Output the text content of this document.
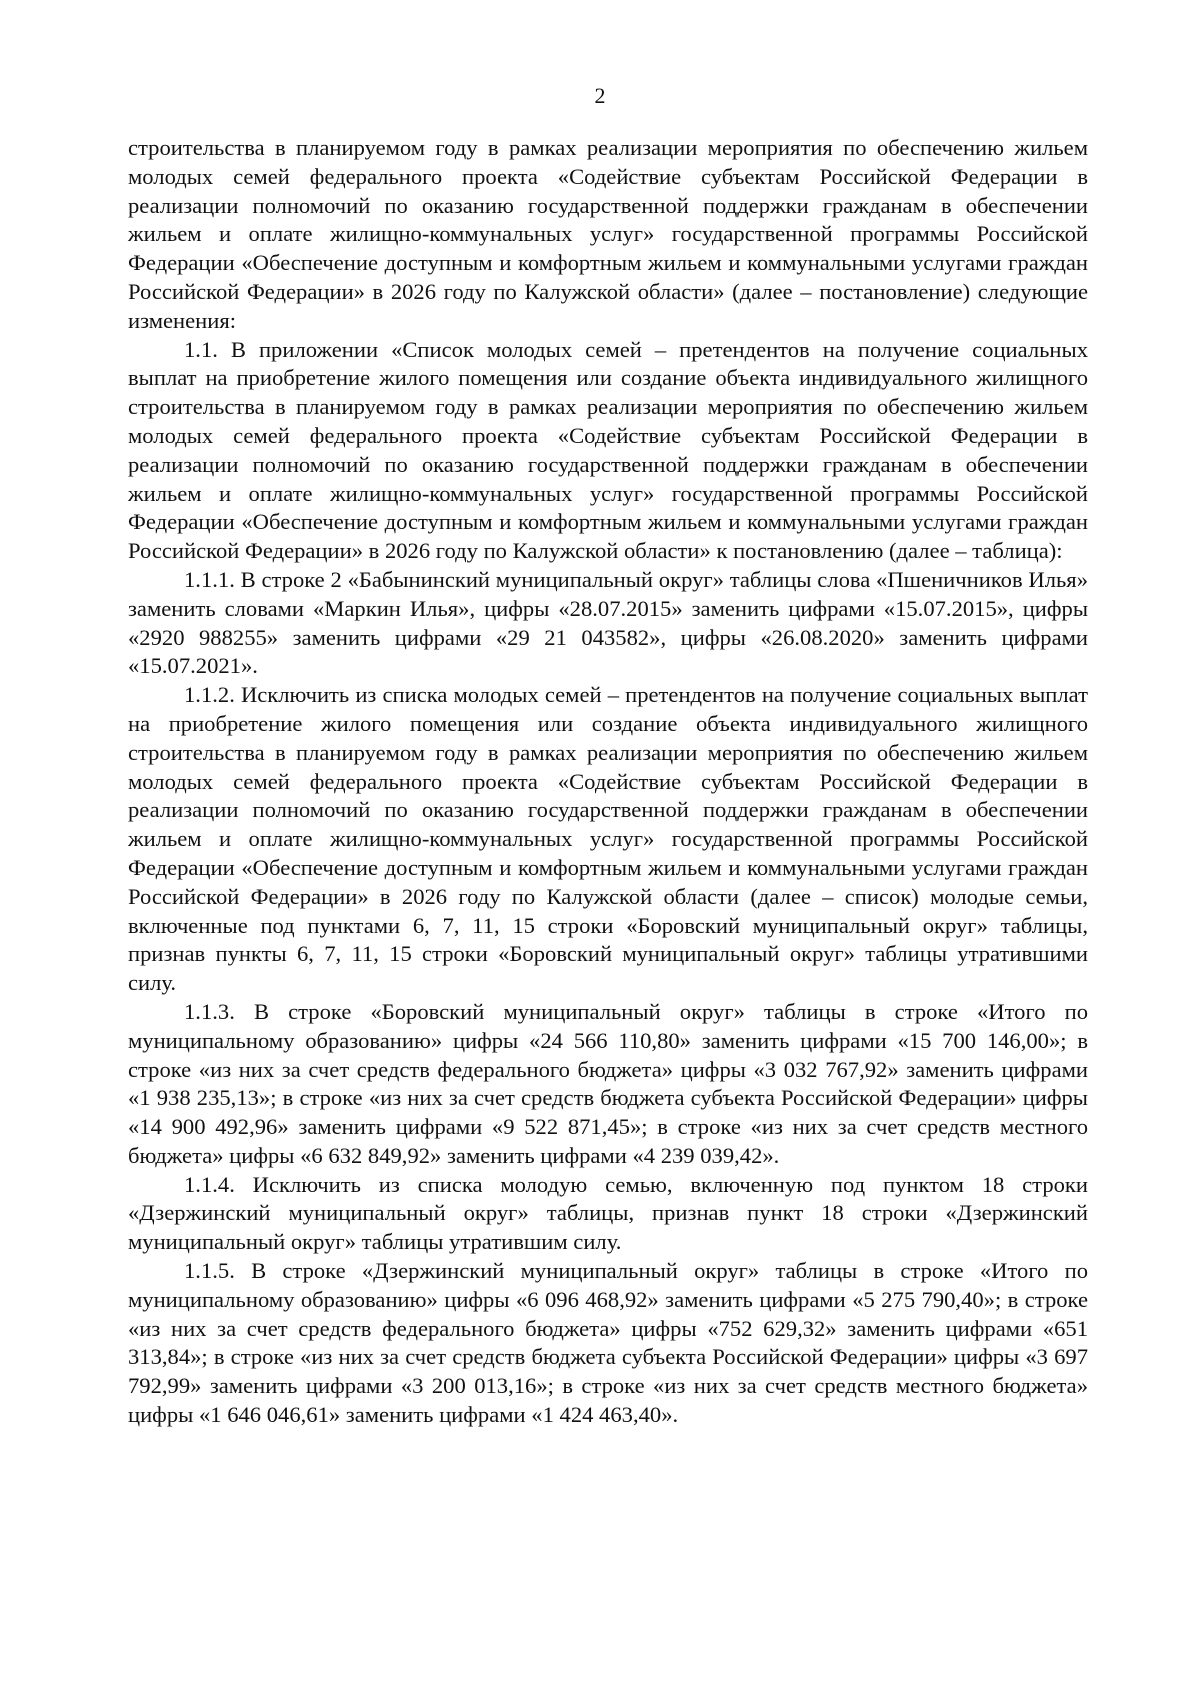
2

строительства в планируемом году в рамках реализации мероприятия по обеспечению жильем молодых семей федерального проекта «Содействие субъектам Российской Федерации в реализации полномочий по оказанию государственной поддержки гражданам в обеспечении жильем и оплате жилищно-коммунальных услуг» государственной программы Российской Федерации «Обеспечение доступным и комфортным жильем и коммунальными услугами граждан Российской Федерации» в 2026 году по Калужской области» (далее – постановление) следующие изменения:

1.1. В приложении «Список молодых семей – претендентов на получение социальных выплат на приобретение жилого помещения или создание объекта индивидуального жилищного строительства в планируемом году в рамках реализации мероприятия по обеспечению жильем молодых семей федерального проекта «Содействие субъектам Российской Федерации в реализации полномочий по оказанию государственной поддержки гражданам в обеспечении жильем и оплате жилищно-коммунальных услуг» государственной программы Российской Федерации «Обеспечение доступным и комфортным жильем и коммунальными услугами граждан Российской Федерации» в 2026 году по Калужской области» к постановлению (далее – таблица):

1.1.1. В строке 2 «Бабынинский муниципальный округ» таблицы слова «Пшеничников Илья» заменить словами «Маркин Илья», цифры «28.07.2015» заменить цифрами «15.07.2015», цифры «2920 988255» заменить цифрами «29 21 043582», цифры «26.08.2020» заменить цифрами «15.07.2021».

1.1.2. Исключить из списка молодых семей – претендентов на получение социальных выплат на приобретение жилого помещения или создание объекта индивидуального жилищного строительства в планируемом году в рамках реализации мероприятия по обеспечению жильем молодых семей федерального проекта «Содействие субъектам Российской Федерации в реализации полномочий по оказанию государственной поддержки гражданам в обеспечении жильем и оплате жилищно-коммунальных услуг» государственной программы Российской Федерации «Обеспечение доступным и комфортным жильем и коммунальными услугами граждан Российской Федерации» в 2026 году по Калужской области (далее – список) молодые семьи, включенные под пунктами 6, 7, 11, 15 строки «Боровский муниципальный округ» таблицы, признав пункты 6, 7, 11, 15 строки «Боровский муниципальный округ» таблицы утратившими силу.

1.1.3. В строке «Боровский муниципальный округ» таблицы в строке «Итого по муниципальному образованию» цифры «24 566 110,80» заменить цифрами «15 700 146,00»; в строке «из них за счет средств федерального бюджета» цифры «3 032 767,92» заменить цифрами «1 938 235,13»; в строке «из них за счет средств бюджета субъекта Российской Федерации» цифры «14 900 492,96» заменить цифрами «9 522 871,45»; в строке «из них за счет средств местного бюджета» цифры «6 632 849,92» заменить цифрами «4 239 039,42».

1.1.4. Исключить из списка молодую семью, включенную под пунктом 18 строки «Дзержинский муниципальный округ» таблицы, признав пункт 18 строки «Дзержинский муниципальный округ» таблицы утратившим силу.

1.1.5. В строке «Дзержинский муниципальный округ» таблицы в строке «Итого по муниципальному образованию» цифры «6 096 468,92» заменить цифрами «5 275 790,40»; в строке «из них за счет средств федерального бюджета» цифры «752 629,32» заменить цифрами «651 313,84»; в строке «из них за счет средств бюджета субъекта Российской Федерации» цифры «3 697 792,99» заменить цифрами «3 200 013,16»; в строке «из них за счет средств местного бюджета» цифры «1 646 046,61» заменить цифрами «1 424 463,40».
